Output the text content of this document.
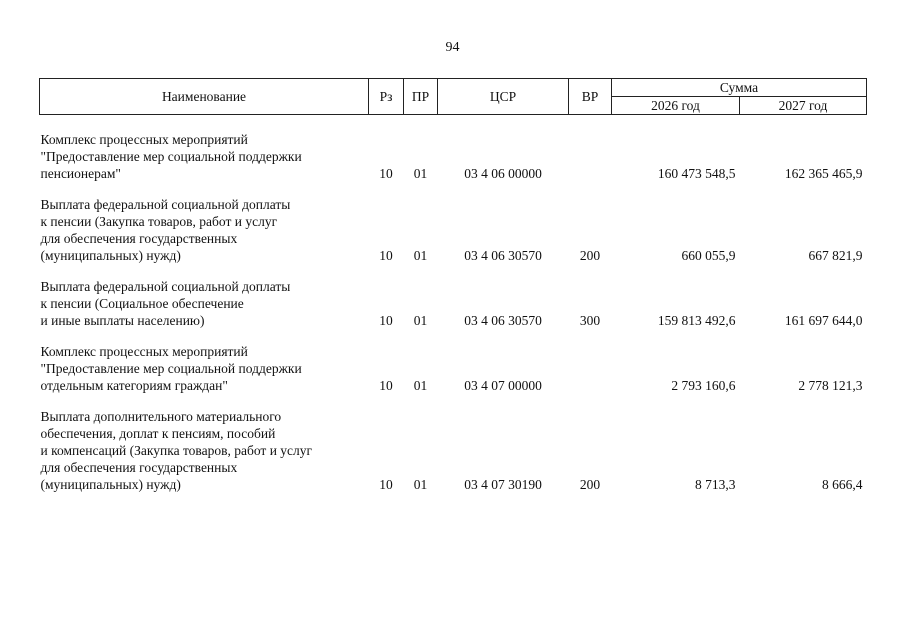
94
Наименование	Рз	ПР	ЦСР	ВР	Сумма	
					2026 год	2027 год

Комплекс процессных мероприятий
"Предоставление мер социальной поддержки
пенсионерам"	10	01	03 4 06 00000		160 473 548,5	162 365 465,9

Выплата федеральной социальной доплаты
к пенсии (Закупка товаров, работ и услуг
для обеспечения государственных
(муниципальных) нужд)	10	01	03 4 06 30570	200	660 055,9	667 821,9

Выплата федеральной социальной доплаты
к пенсии (Социальное обеспечение
и иные выплаты населению)	10	01	03 4 06 30570	300	159 813 492,6	161 697 644,0

Комплекс процессных мероприятий
"Предоставление мер социальной поддержки
отдельным категориям граждан"	10	01	03 4 07 00000		2 793 160,6	2 778 121,3

Выплата дополнительного материального
обеспечения, доплат к пенсиям, пособий
и компенсаций (Закупка товаров, работ и услуг
для обеспечения государственных
(муниципальных) нужд)	10	01	03 4 07 30190	200	8 713,3	8 666,4
